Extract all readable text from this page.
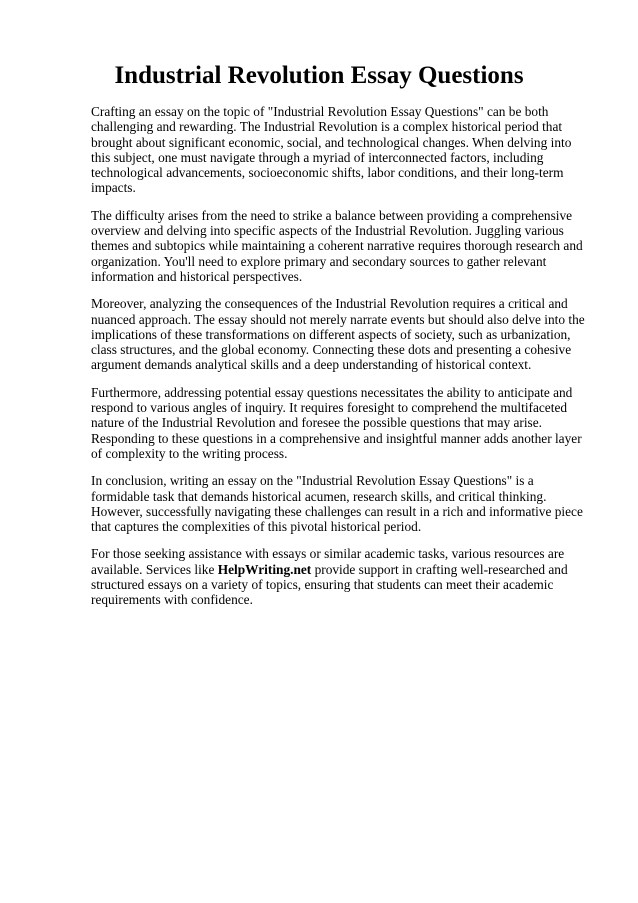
Industrial Revolution Essay Questions

Crafting an essay on the topic of "Industrial Revolution Essay Questions" can be both challenging and rewarding. The Industrial Revolution is a complex historical period that brought about significant economic, social, and technological changes. When delving into this subject, one must navigate through a myriad of interconnected factors, including technological advancements, socioeconomic shifts, labor conditions, and their long-term impacts.

The difficulty arises from the need to strike a balance between providing a comprehensive overview and delving into specific aspects of the Industrial Revolution. Juggling various themes and subtopics while maintaining a coherent narrative requires thorough research and organization. You'll need to explore primary and secondary sources to gather relevant information and historical perspectives.

Moreover, analyzing the consequences of the Industrial Revolution requires a critical and nuanced approach. The essay should not merely narrate events but should also delve into the implications of these transformations on different aspects of society, such as urbanization, class structures, and the global economy. Connecting these dots and presenting a cohesive argument demands analytical skills and a deep understanding of historical context.

Furthermore, addressing potential essay questions necessitates the ability to anticipate and respond to various angles of inquiry. It requires foresight to comprehend the multifaceted nature of the Industrial Revolution and foresee the possible questions that may arise. Responding to these questions in a comprehensive and insightful manner adds another layer of complexity to the writing process.

In conclusion, writing an essay on the "Industrial Revolution Essay Questions" is a formidable task that demands historical acumen, research skills, and critical thinking. However, successfully navigating these challenges can result in a rich and informative piece that captures the complexities of this pivotal historical period.

For those seeking assistance with essays or similar academic tasks, various resources are available. Services like HelpWriting.net provide support in crafting well-researched and structured essays on a variety of topics, ensuring that students can meet their academic requirements with confidence.
